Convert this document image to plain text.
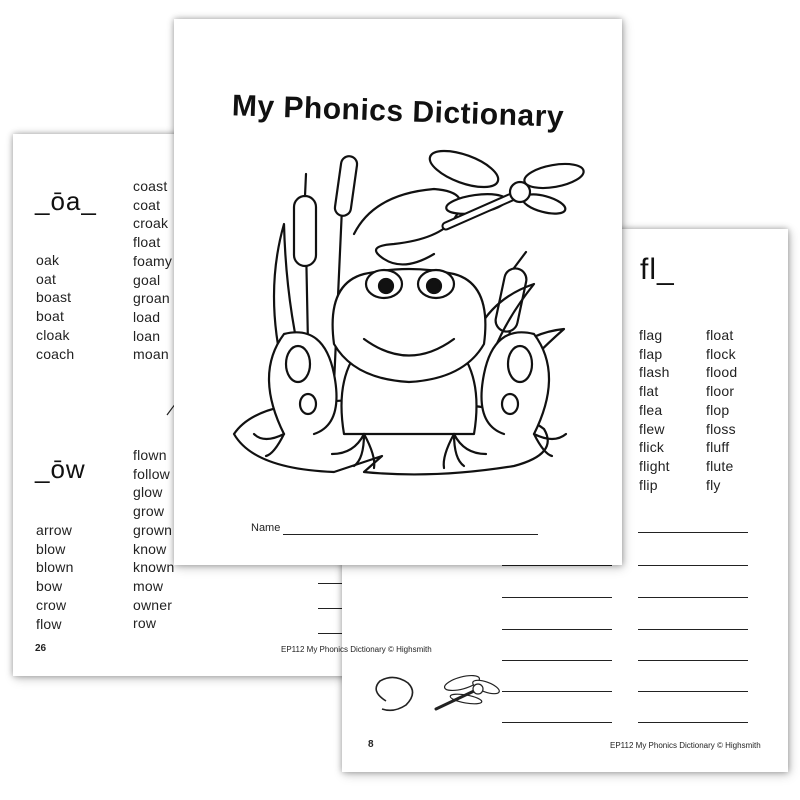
_ōa_
oak
oat
boast
boat
cloak
coach
coast
coat
croak
float
foamy
goal
groan
load
loan
moan
_ōw
arrow
blow
blown
bow
crow
flow
flown
follow
glow
grow
grown
know
known
mow
owner
row
26
fl_
flag
flap
flash
flat
flea
flew
flick
flight
flip
float
flock
flood
floor
flop
floss
fluff
flute
fly
8	EP112 My Phonics Dictionary © Highsmith
My Phonics Dictionary
Name
EP112 My Phonics Dictionary © Highsmith
